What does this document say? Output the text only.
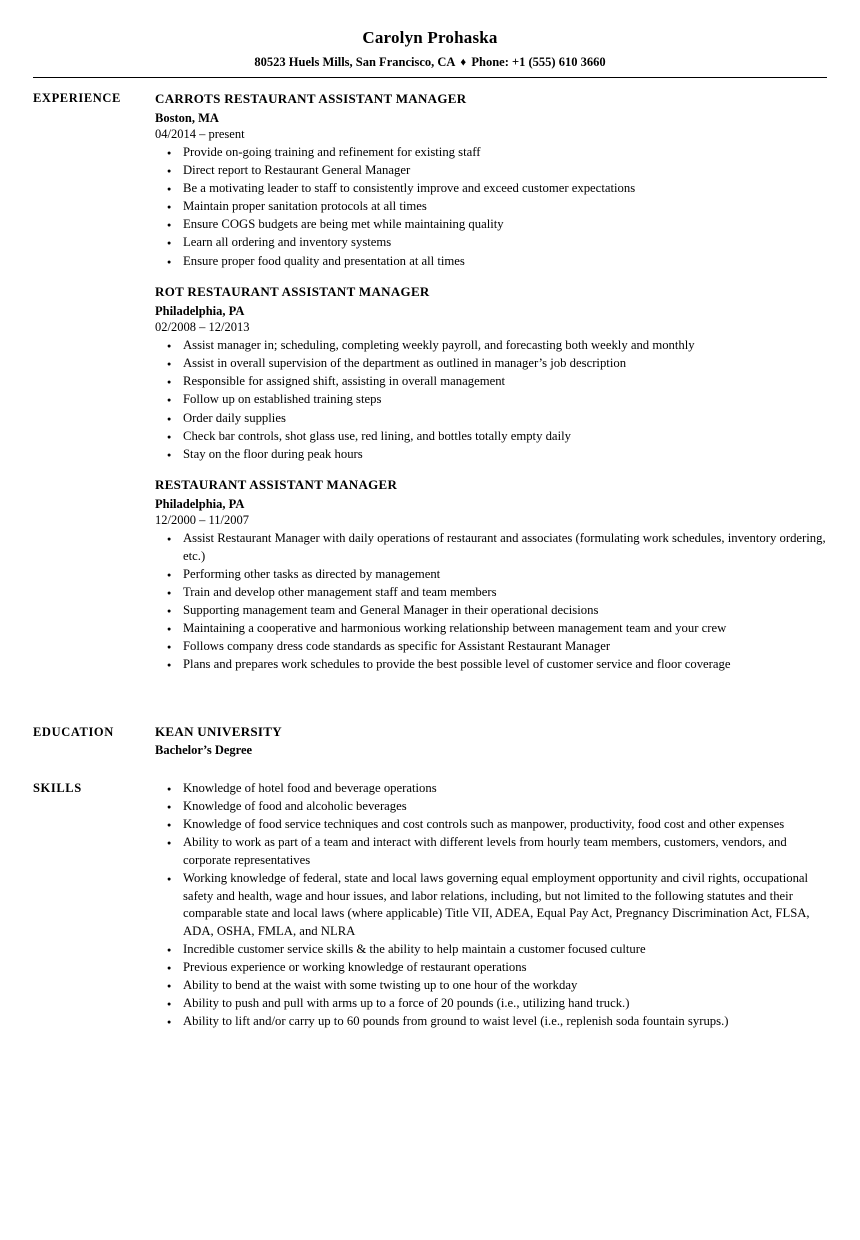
Carolyn Prohaska
80523 Huels Mills, San Francisco, CA ♦ Phone: +1 (555) 610 3660
EXPERIENCE	CARROTS RESTAURANT ASSISTANT MANAGER
Boston, MA
04/2014 – present
● Provide on-going training and refinement for existing staff
● Direct report to Restaurant General Manager
● Be a motivating leader to staff to consistently improve and exceed customer expectations
● Maintain proper sanitation protocols at all times
● Ensure COGS budgets are being met while maintaining quality
● Learn all ordering and inventory systems
● Ensure proper food quality and presentation at all times
ROT RESTAURANT ASSISTANT MANAGER
Philadelphia, PA
02/2008 – 12/2013
● Assist manager in; scheduling, completing weekly payroll, and forecasting both weekly and monthly
● Assist in overall supervision of the department as outlined in manager’s job description
● Responsible for assigned shift, assisting in overall management
● Follow up on established training steps
● Order daily supplies
● Check bar controls, shot glass use, red lining, and bottles totally empty daily
● Stay on the floor during peak hours
RESTAURANT ASSISTANT MANAGER
Philadelphia, PA
12/2000 – 11/2007
● Assist Restaurant Manager with daily operations of restaurant and associates (formulating work schedules, inventory ordering, etc.)
● Performing other tasks as directed by management
● Train and develop other management staff and team members
● Supporting management team and General Manager in their operational decisions
● Maintaining a cooperative and harmonious working relationship between management team and your crew
● Follows company dress code standards as specific for Assistant Restaurant Manager
● Plans and prepares work schedules to provide the best possible level of customer service and floor coverage
EDUCATION	KEAN UNIVERSITY
Bachelor’s Degree
SKILLS	● Knowledge of hotel food and beverage operations
● Knowledge of food and alcoholic beverages
● Knowledge of food service techniques and cost controls such as manpower, productivity, food cost and other expenses
● Ability to work as part of a team and interact with different levels from hourly team members, customers, vendors, and corporate representatives
● Working knowledge of federal, state and local laws governing equal employment opportunity and civil rights, occupational safety and health, wage and hour issues, and labor relations, including, but not limited to the following statutes and their comparable state and local laws (where applicable) Title VII, ADEA, Equal Pay Act, Pregnancy Discrimination Act, FLSA, ADA, OSHA, FMLA, and NLRA
● Incredible customer service skills & the ability to help maintain a customer focused culture
● Previous experience or working knowledge of restaurant operations
● Ability to bend at the waist with some twisting up to one hour of the workday
● Ability to push and pull with arms up to a force of 20 pounds (i.e., utilizing hand truck.)
● Ability to lift and/or carry up to 60 pounds from ground to waist level (i.e., replenish soda fountain syrups.)
